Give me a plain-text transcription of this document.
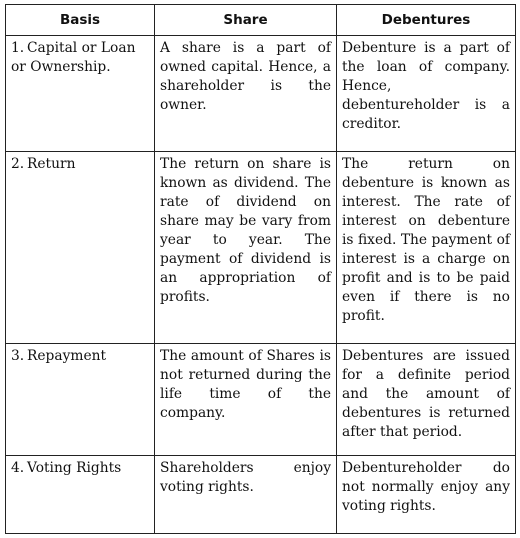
Basis	Share	Debentures
1. Capital or Loan or Ownership.	A share is a part of owned capital. Hence, a shareholder is the owner.	Debenture is a part of the loan of company. Hence, debentureholder is a creditor.
2. Return	The return on share is known as dividend. The rate of dividend on share may be vary from year to year. The payment of dividend is an appropriation of profits.	The return on debenture is known as interest. The rate of interest on debenture is fixed. The payment of interest is a charge on profit and is to be paid even if there is no profit.
3. Repayment	The amount of Shares is not returned during the life time of the company.	Debentures are issued for a definite period and the amount of debentures is returned after that period.
4. Voting Rights	Shareholders enjoy voting rights.	Debentureholder do not normally enjoy any voting rights.
